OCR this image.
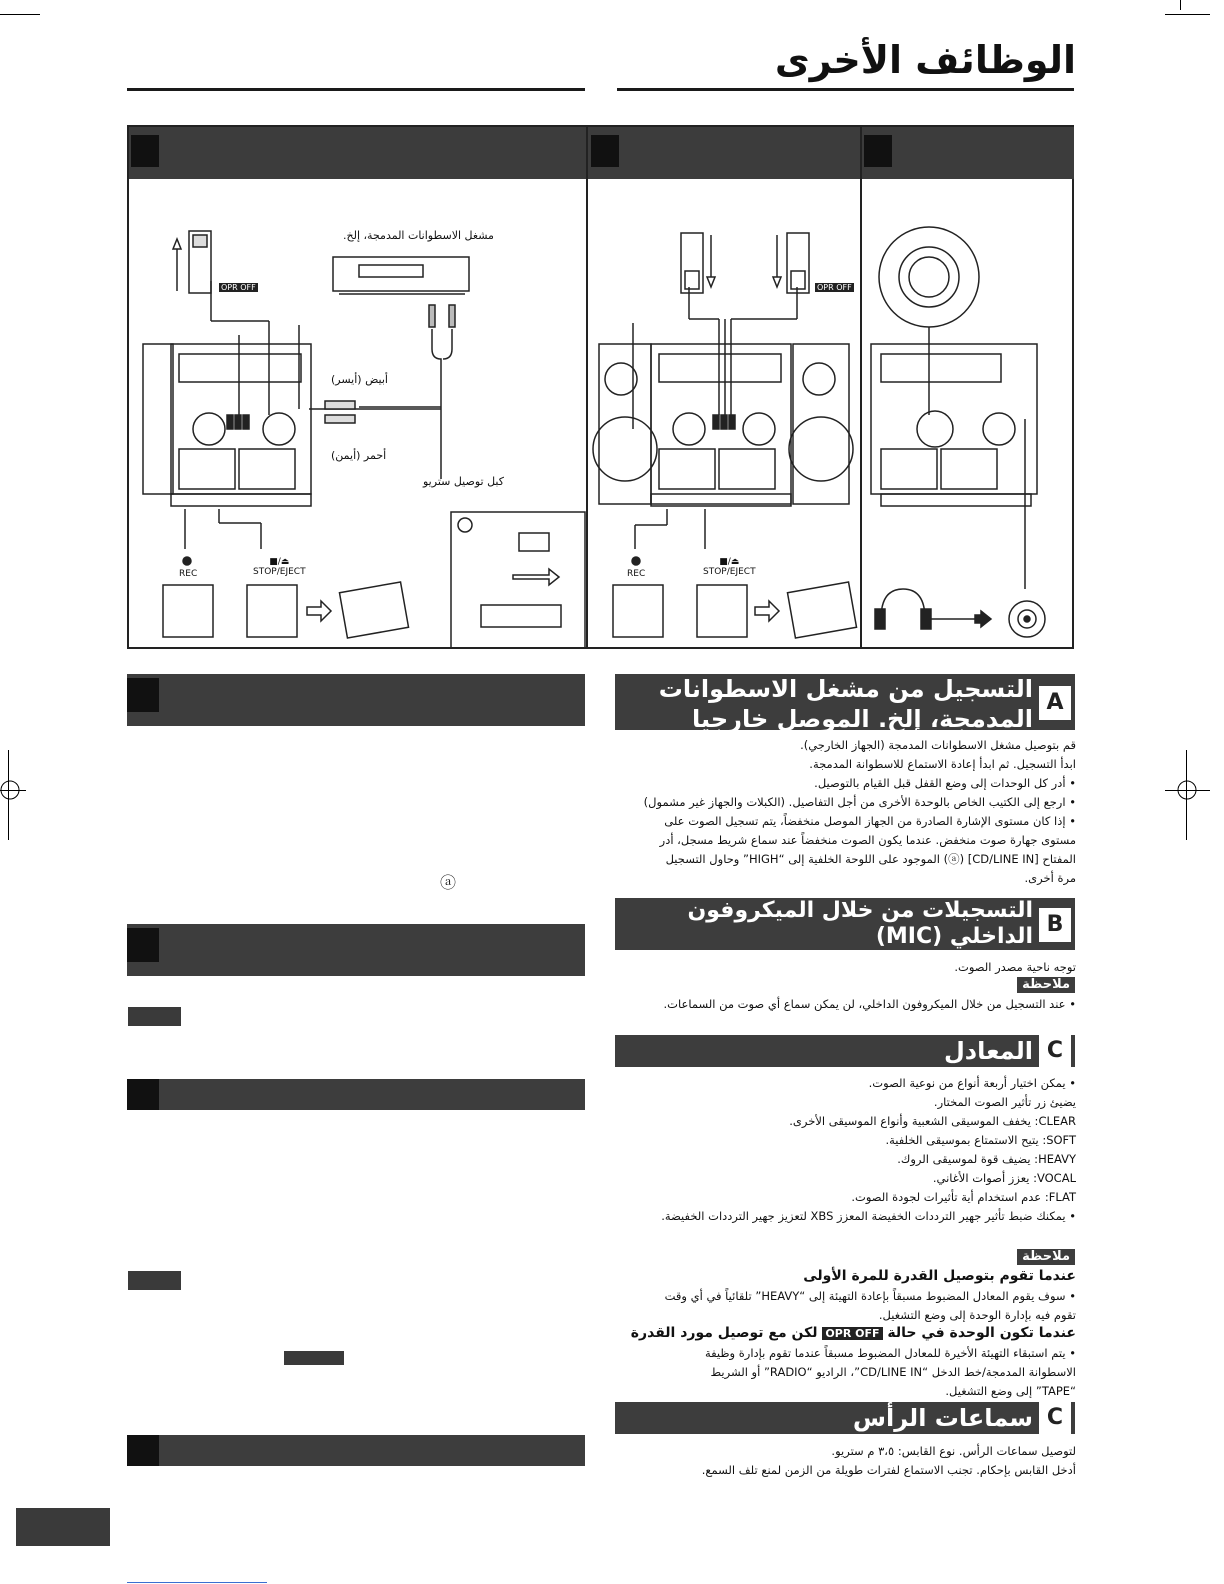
الوظائف الأخرى
مشغل الاسطوانات المدمجة، إلخ.
أبيض (أيسر)
أحمر (أيمن)
كبل توصيل ستريو
REC
■/⏏
STOP/EJECT	REC
■/⏏
STOP/EJECT
OPR OFF	OPR OFF
ⓐ
A
التسجيل من مشغل الاسطوانات المدمجة، إلخ. الموصل خارجيا

قم بتوصيل مشغل الاسطوانات المدمجة (الجهاز الخارجي).

ابدأ التسجيل. ثم ابدأ إعادة الاستماع للاسطوانة المدمجة.

• أدر كل الوحدات إلى وضع القفل قبل القيام بالتوصيل.

• ارجع إلى الكتيب الخاص بالوحدة الأخرى من أجل التفاصيل. (الكبلات والجهاز غير مشمول)

• إذا كان مستوى الإشارة الصادرة من الجهاز الموصل منخفضاً، يتم تسجيل الصوت على

مستوى جهارة صوت منخفض. عندما يكون الصوت منخفضاً عند سماع شريط مسجل، أدر

المفتاح [CD/LINE IN] (ⓐ) الموجود على اللوحة الخلفية إلى “HIGH” وحاول التسجيل

مرة أخرى.

B
التسجيلات من خلال الميكروفون الداخلي (MIC)
توجه ناحية مصدر الصوت.
ملاحظة
• عند التسجيل من خلال الميكروفون الداخلي، لن يمكن سماع أي صوت من السماعات.
C
المعادل

• يمكن اختيار أربعة أنواع من نوعية الصوت.

يضيئ زر تأثير الصوت المختار.

CLEAR: يخفف الموسيقى الشعبية وأنواع الموسيقى الأخرى.

SOFT: يتيح الاستمتاع بموسيقى الخلفية.

HEAVY: يضيف قوة لموسيقى الروك.

VOCAL: يعزز أصوات الأغاني.

FLAT: عدم استخدام أية تأثيرات لجودة الصوت.

• يمكنك ضبط تأثير جهير الترددات الخفيضة المعزز XBS لتعزيز جهير الترددات الخفيضة.

ملاحظة
عندما تقوم بتوصيل القدرة للمرة الأولى

• سوف يقوم المعادل المضبوط مسبقاً بإعادة التهيئة إلى “HEAVY” تلقائياً في أي وقت

تقوم فيه بإدارة الوحدة إلى وضع التشغيل.

عندما تكون الوحدة في حالة OPR OFF لكن مع توصيل مورد القدرة

• يتم استبقاء التهيئة الأخيرة للمعادل المضبوط مسبقاً عندما تقوم بإدارة وظيفة

الاسطوانة المدمجة/خط الدخل “CD/LINE IN”، الراديو “RADIO” أو الشريط

“TAPE” إلى وضع التشغيل.

C
سماعات الرأس

لتوصيل سماعات الرأس. نوع القابس: ٣،٥ م ستريو.

أدخل القابس بإحكام. تجنب الاستماع لفترات طويلة من الزمن لمنع تلف السمع.
